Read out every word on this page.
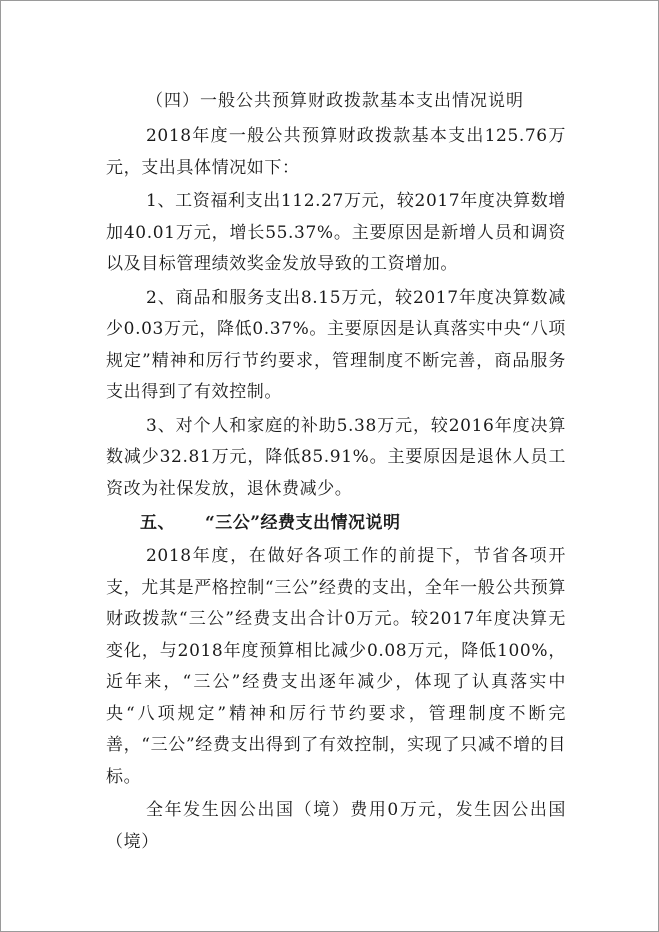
（四）一般公共预算财政拨款基本支出情况说明

2018年度一般公共预算财政拨款基本支出125.76万元，支出具体情况如下：

1、工资福利支出112.27万元，较2017年度决算数增加40.01万元，增长55.37%。主要原因是新增人员和调资以及目标管理绩效奖金发放导致的工资增加。

2、商品和服务支出8.15万元，较2017年度决算数减少0.03万元，降低0.37%。主要原因是认真落实中央“八项规定”精神和厉行节约要求，管理制度不断完善，商品服务支出得到了有效控制。

3、对个人和家庭的补助5.38万元，较2016年度决算数减少32.81万元，降低85.91%。主要原因是退休人员工资改为社保发放，退休费减少。

五、 “三公”经费支出情况说明

2018年度，在做好各项工作的前提下，节省各项开支，尤其是严格控制“三公”经费的支出，全年一般公共预算财政拨款“三公”经费支出合计0万元。较2017年度决算无变化，与2018年度预算相比减少0.08万元，降低100%，近年来，“三公”经费支出逐年减少，体现了认真落实中央“八项规定”精神和厉行节约要求，管理制度不断完善，“三公”经费支出得到了有效控制，实现了只减不增的目标。

全年发生因公出国（境）费用0万元，发生因公出国（境）
